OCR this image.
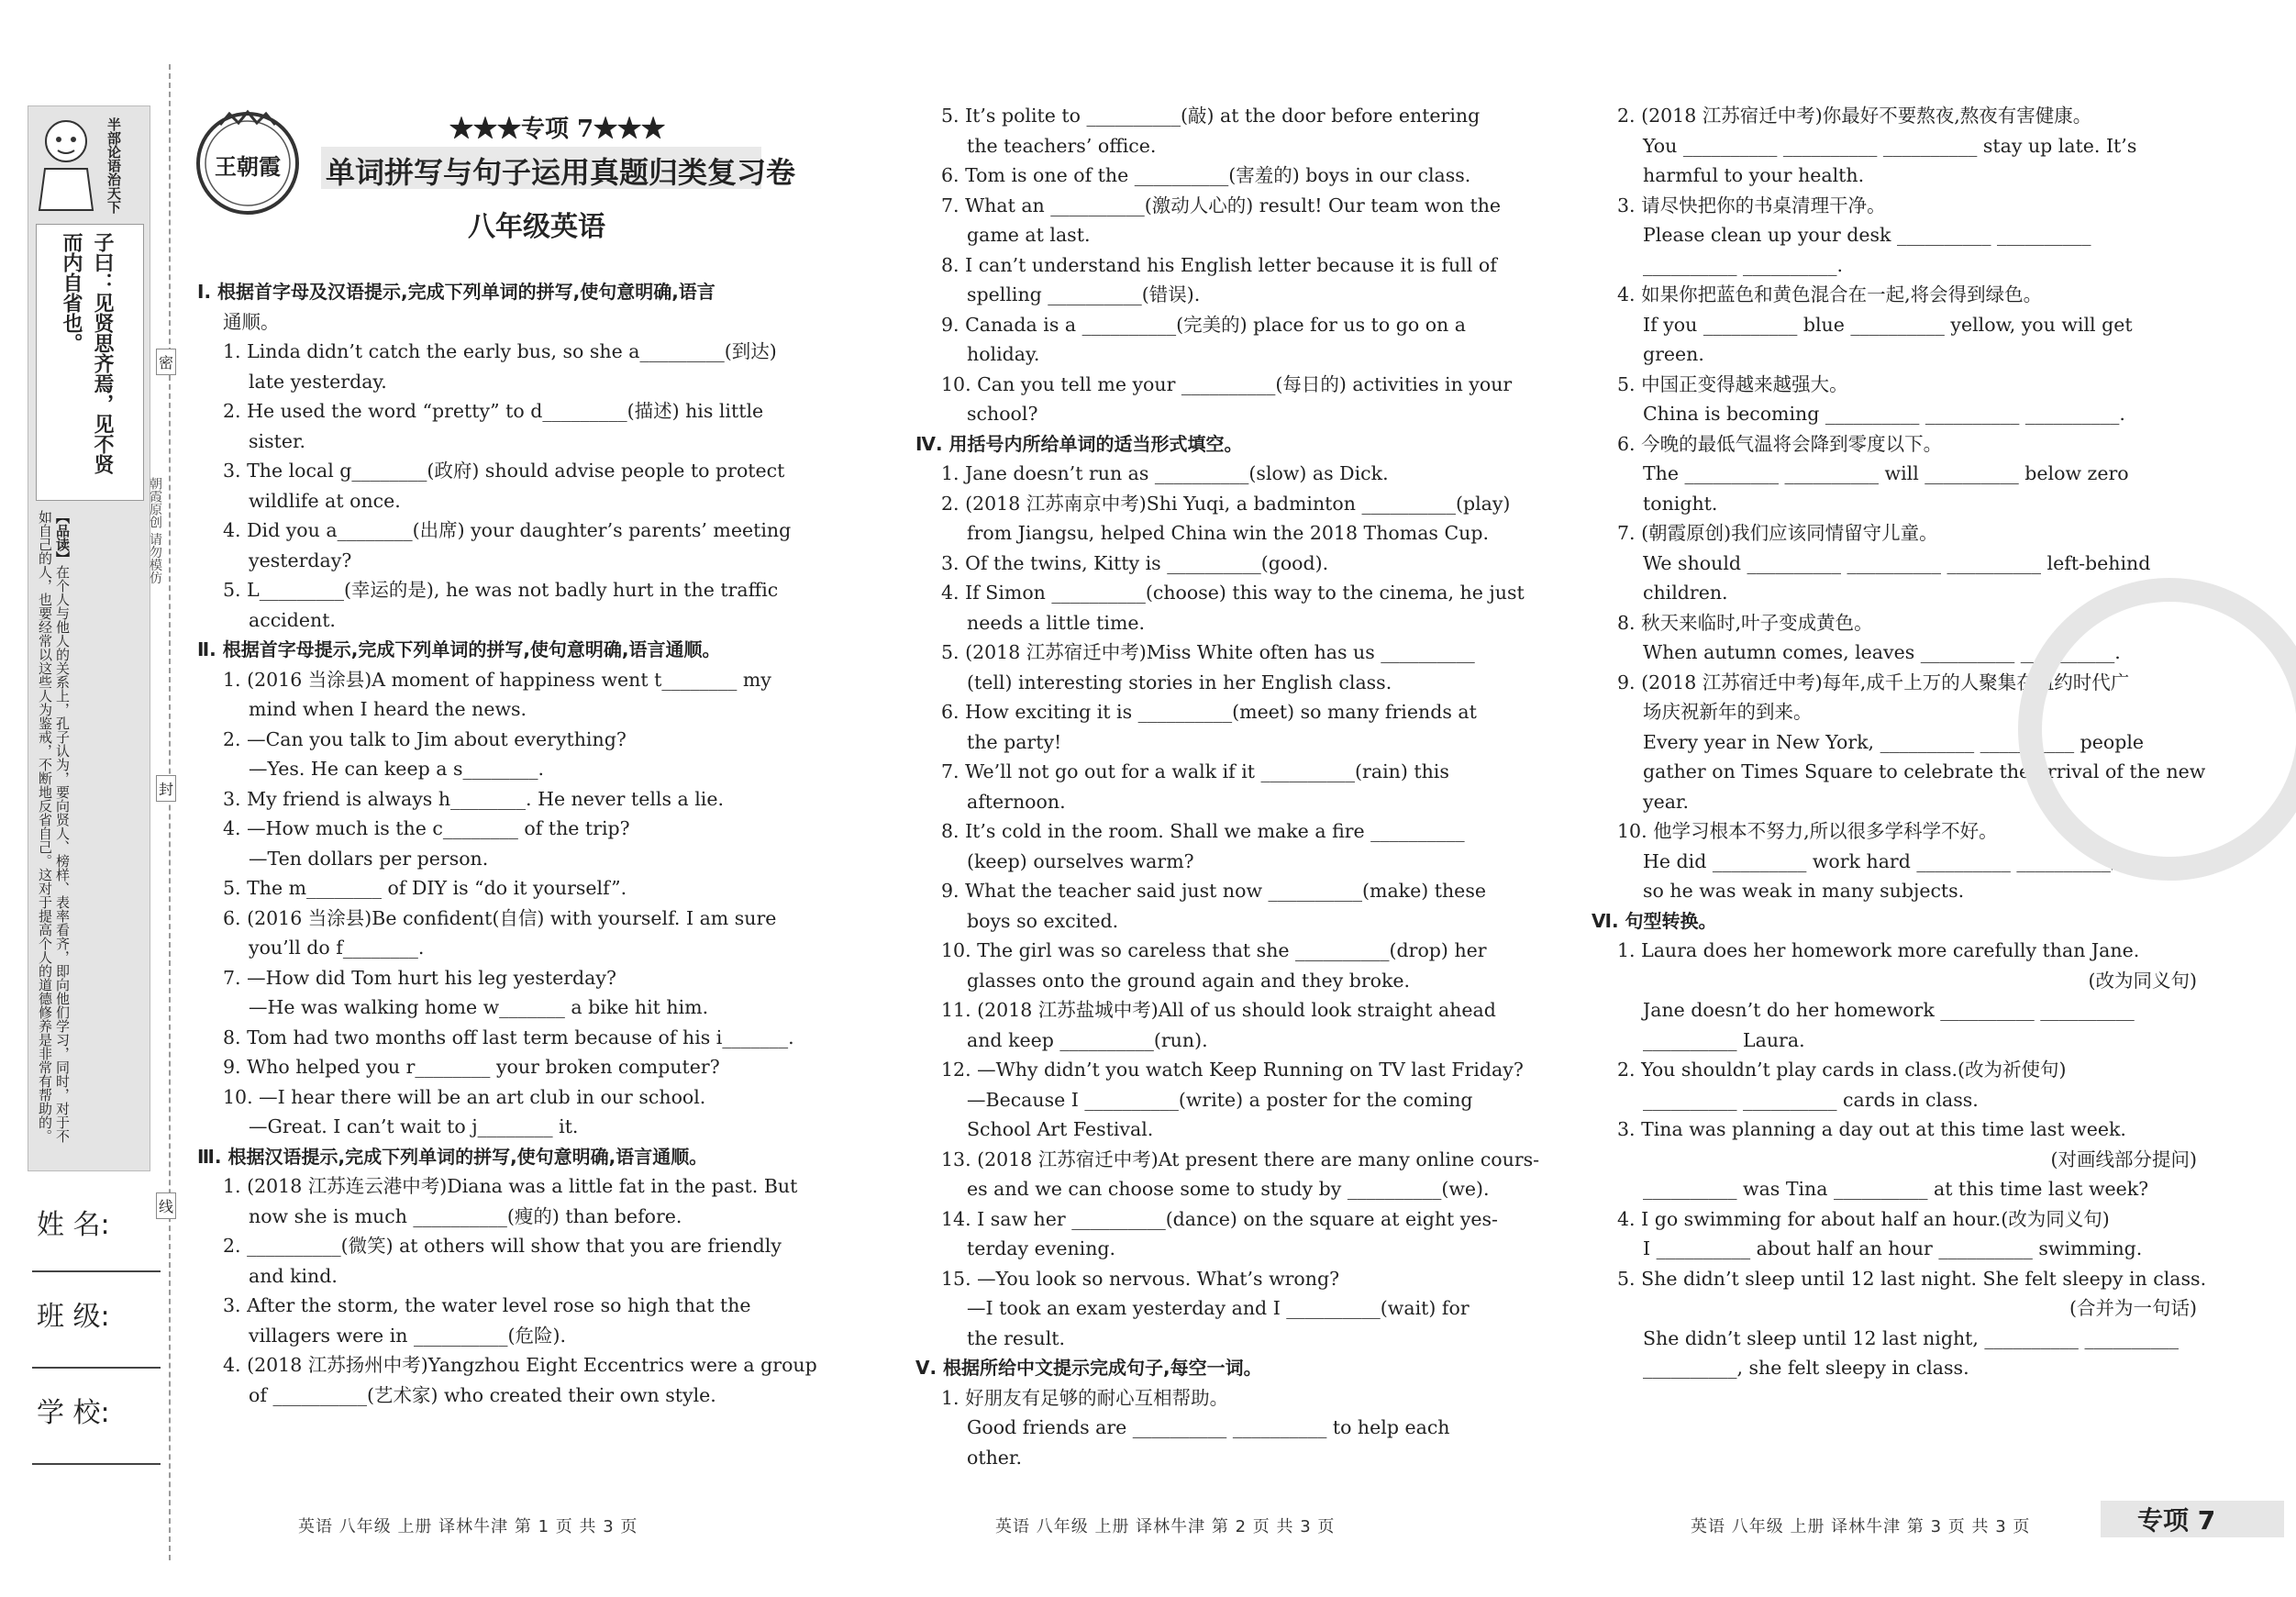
半部论语治天下
子曰：见贤思齐焉，见不贤而内自省也。
【品读】在个人与他人的关系上，孔子认为，要向贤人、榜样、表率看齐，即向他们学习，同时，对于不如自己的人，也要经常以这些人为鉴戒，不断地反省自己。这对于提高个人的道德修养是非常有帮助的。
姓 名:
班 级:
学 校:
密
封
线
朝霞原创 请勿模仿
王朝霞
★★★专项 7★★★
单词拼写与句子运用真题归类复习卷
八年级英语
Ⅰ. 根据首字母及汉语提示,完成下列单词的拼写,使句意明确,语言
通顺。
1. Linda didn’t catch the early bus, so she a_________(到达)
late yesterday.
2. He used the word “pretty” to d_________(描述) his little
sister.
3. The local g________(政府) should advise people to protect
wildlife at once.
4. Did you a________(出席) your daughter’s parents’ meeting
yesterday?
5. L_________(幸运的是), he was not badly hurt in the traffic
accident.
Ⅱ. 根据首字母提示,完成下列单词的拼写,使句意明确,语言通顺。
1. (2016 当涂县)A moment of happiness went t________ my
mind when I heard the news.
2. —Can you talk to Jim about everything?
—Yes. He can keep a s________.
3. My friend is always h________. He never tells a lie.
4. —How much is the c________ of the trip?
—Ten dollars per person.
5. The m________ of DIY is “do it yourself”.
6. (2016 当涂县)Be confident(自信) with yourself. I am sure
you’ll do f________.
7. —How did Tom hurt his leg yesterday?
—He was walking home w_______ a bike hit him.
8. Tom had two months off last term because of his i_______.
9. Who helped you r________ your broken computer?
10. —I hear there will be an art club in our school.
—Great. I can’t wait to j________ it.
Ⅲ. 根据汉语提示,完成下列单词的拼写,使句意明确,语言通顺。
1. (2018 江苏连云港中考)Diana was a little fat in the past. But
now she is much __________(瘦的) than before.
2. __________(微笑) at others will show that you are friendly
and kind.
3. After the storm, the water level rose so high that the
villagers were in __________(危险).
4. (2018 江苏扬州中考)Yangzhou Eight Eccentrics were a group
of __________(艺术家) who created their own style.
5. It’s polite to __________(敲) at the door before entering
the teachers’ office.
6. Tom is one of the __________(害羞的) boys in our class.
7. What an __________(激动人心的) result! Our team won the
game at last.
8. I can’t understand his English letter because it is full of
spelling __________(错误).
9. Canada is a __________(完美的) place for us to go on a
holiday.
10. Can you tell me your __________(每日的) activities in your
school?
Ⅳ. 用括号内所给单词的适当形式填空。
1. Jane doesn’t run as __________(slow) as Dick.
2. (2018 江苏南京中考)Shi Yuqi, a badminton __________(play)
from Jiangsu, helped China win the 2018 Thomas Cup.
3. Of the twins, Kitty is __________(good).
4. If Simon __________(choose) this way to the cinema, he just
needs a little time.
5. (2018 江苏宿迁中考)Miss White often has us __________
(tell) interesting stories in her English class.
6. How exciting it is __________(meet) so many friends at
the party!
7. We’ll not go out for a walk if it __________(rain) this
afternoon.
8. It’s cold in the room. Shall we make a fire __________
(keep) ourselves warm?
9. What the teacher said just now __________(make) these
boys so excited.
10. The girl was so careless that she __________(drop) her
glasses onto the ground again and they broke.
11. (2018 江苏盐城中考)All of us should look straight ahead
and keep __________(run).
12. —Why didn’t you watch Keep Running on TV last Friday?
—Because I __________(write) a poster for the coming
School Art Festival.
13. (2018 江苏宿迁中考)At present there are many online cours-
es and we can choose some to study by __________(we).
14. I saw her __________(dance) on the square at eight yes-
terday evening.
15. —You look so nervous. What’s wrong?
—I took an exam yesterday and I __________(wait) for
the result.
Ⅴ. 根据所给中文提示完成句子,每空一词。
1. 好朋友有足够的耐心互相帮助。
Good friends are __________ __________ to help each
other.
2. (2018 江苏宿迁中考)你最好不要熬夜,熬夜有害健康。
You __________ __________ __________ stay up late. It’s
harmful to your health.
3. 请尽快把你的书桌清理干净。
Please clean up your desk __________ __________
__________ __________.
4. 如果你把蓝色和黄色混合在一起,将会得到绿色。
If you __________ blue __________ yellow, you will get
green.
5. 中国正变得越来越强大。
China is becoming __________ __________ __________.
6. 今晚的最低气温将会降到零度以下。
The __________ __________ will __________ below zero
tonight.
7. (朝霞原创)我们应该同情留守儿童。
We should __________ __________ __________ left-behind
children.
8. 秋天来临时,叶子变成黄色。
When autumn comes, leaves __________ __________.
9. (2018 江苏宿迁中考)每年,成千上万的人聚集在纽约时代广
场庆祝新年的到来。
Every year in New York, __________ __________ people
gather on Times Square to celebrate the arrival of the new
year.
10. 他学习根本不努力,所以很多学科学不好。
He did __________ work hard __________ __________,
so he was weak in many subjects.
Ⅵ. 句型转换。
1. Laura does her homework more carefully than Jane.
(改为同义句)
Jane doesn’t do her homework __________ __________
__________ Laura.
2. You shouldn’t play cards in class.(改为祈使句)
__________ __________ cards in class.
3. Tina was planning a day out at this time last week.
(对画线部分提问)
__________ was Tina __________ at this time last week?
4. I go swimming for about half an hour.(改为同义句)
I __________ about half an hour __________ swimming.
5. She didn’t sleep until 12 last night. She felt sleepy in class.
(合并为一句话)
She didn’t sleep until 12 last night, __________ __________
__________, she felt sleepy in class.
英语 八年级 上册 译林牛津 第 1 页 共 3 页	英语 八年级 上册 译林牛津 第 2 页 共 3 页	英语 八年级 上册 译林牛津 第 3 页 共 3 页	专项 7
